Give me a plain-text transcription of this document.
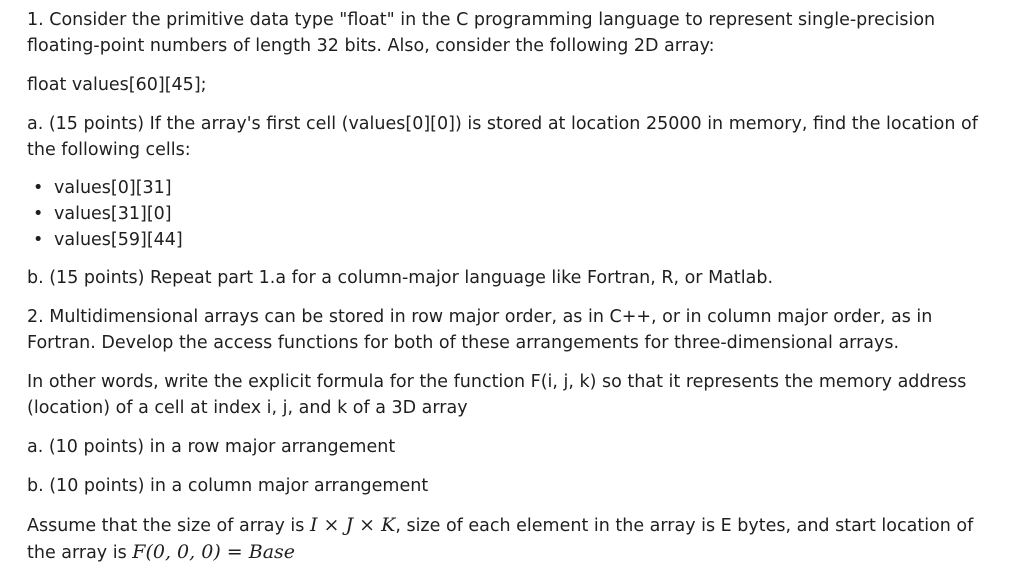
1. Consider the primitive data type "float" in the C programming language to represent single-precision floating-point numbers of length 32 bits. Also, consider the following 2D array:

float values[60][45];

a. (15 points) If the array's first cell (values[0][0]) is stored at location 25000 in memory, find the location of the following cells:

• values[0][31]
• values[31][0]
• values[59][44]

b. (15 points) Repeat part 1.a for a column-major language like Fortran, R, or Matlab.

2. Multidimensional arrays can be stored in row major order, as in C++, or in column major order, as in Fortran. Develop the access functions for both of these arrangements for three-dimensional arrays.

In other words, write the explicit formula for the function F(i, j, k) so that it represents the memory address (location) of a cell at index i, j, and k of a 3D array

a. (10 points) in a row major arrangement

b. (10 points) in a column major arrangement

Assume that the size of array is I × J × K, size of each element in the array is E bytes, and start location of the array is F(0, 0, 0) = Base
